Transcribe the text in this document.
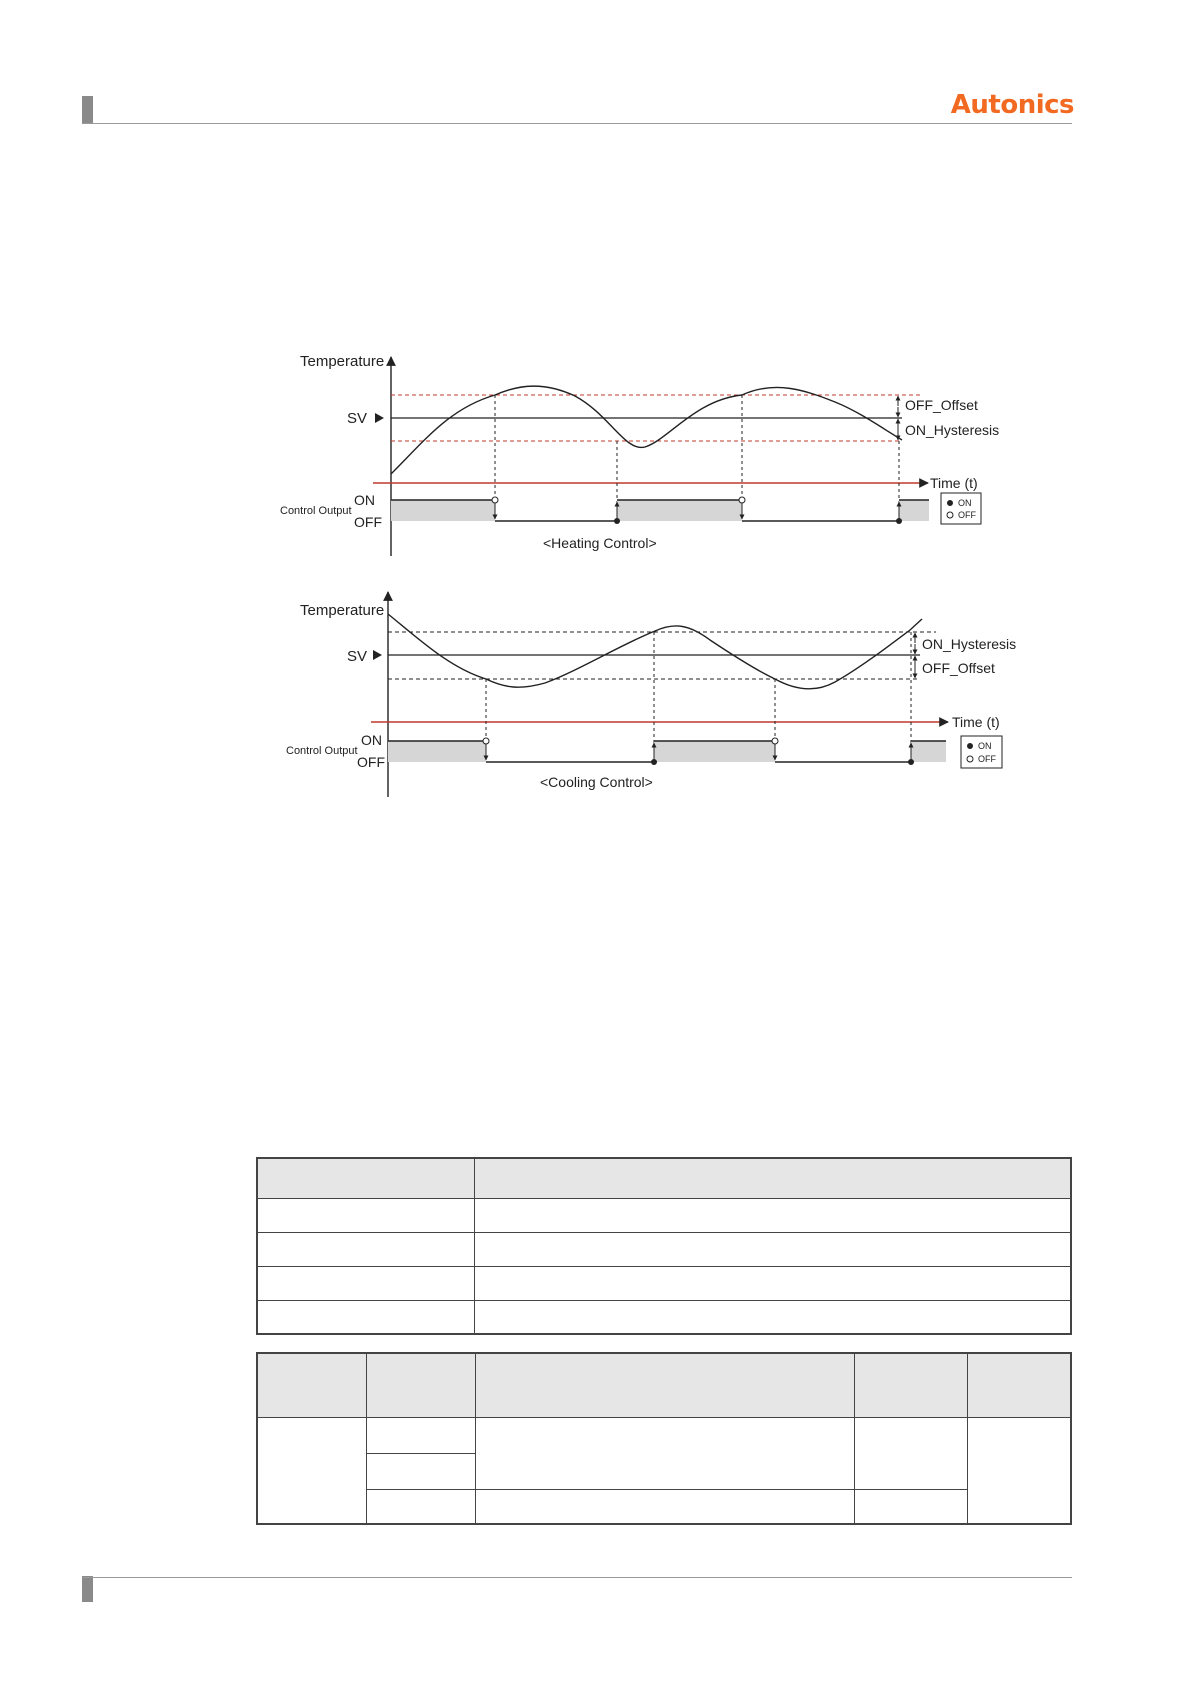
Autonics
Temperature
SV
OFF_Offset
ON_Hysteresis
Time (t)
Control Output
ON
OFF
<Heating Control>
ON
OFF
Temperature
SV
ON_Hysteresis
OFF_Offset
Time (t)
Control Output
ON
OFF
<Cooling Control>
ON
OFF
